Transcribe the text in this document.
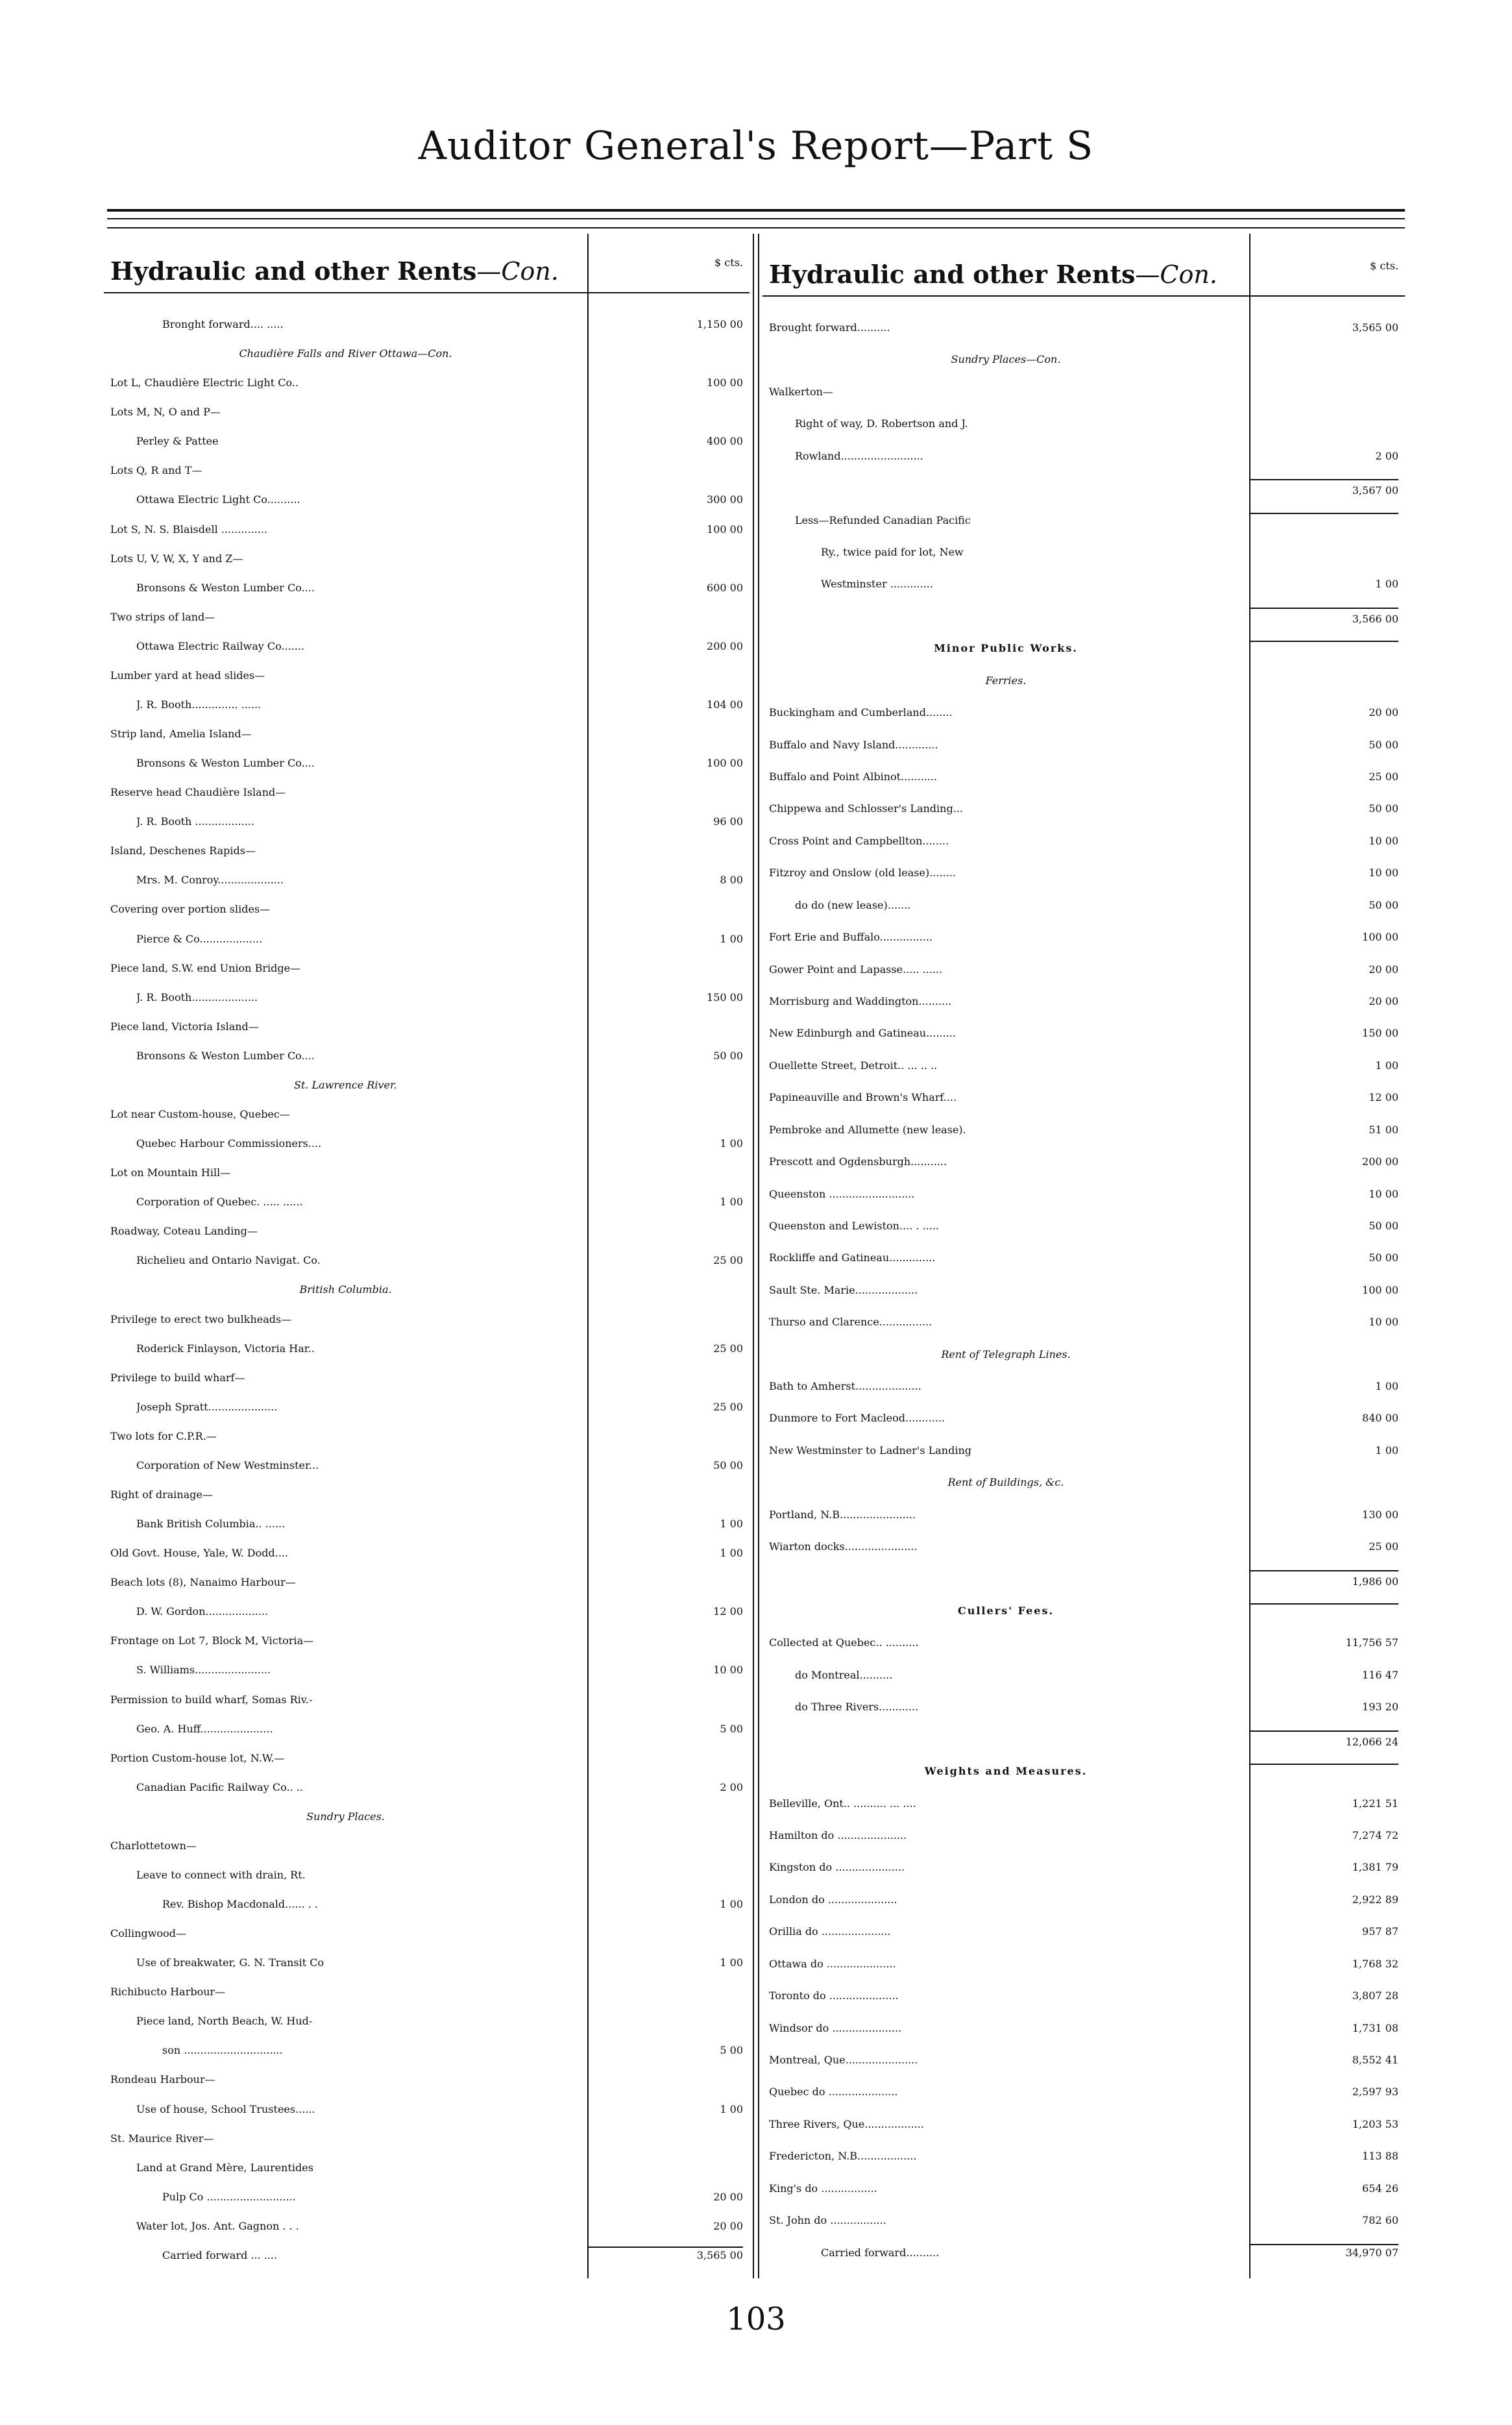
Auditor General's Report—Part S
103
Hydraulic and other Rents—Con.	$ cts.
Bronght forward.... .....	1,150 00
Chaudière Falls and River Ottawa—Con.
Lot L, Chaudière Electric Light Co..	100 00
Lots M, N, O and P—
Perley & Pattee	400 00
Lots Q, R and T—
Ottawa Electric Light Co..........	300 00
Lot S, N. S. Blaisdell ..............	100 00
Lots U, V, W, X, Y and Z—
Bronsons & Weston Lumber Co....	600 00
Two strips of land—
Ottawa Electric Railway Co.......	200 00
Lumber yard at head slides—
J. R. Booth.............. ......	104 00
Strip land, Amelia Island—
Bronsons & Weston Lumber Co....	100 00
Reserve head Chaudière Island—
J. R. Booth ..................	96 00
Island, Deschenes Rapids—
Mrs. M. Conroy....................	8 00
Covering over portion slides—
Pierce & Co...................	1 00
Piece land, S.W. end Union Bridge—
J. R. Booth....................	150 00
Piece land, Victoria Island—
Bronsons & Weston Lumber Co....	50 00
St. Lawrence River.
Lot near Custom-house, Quebec—
Quebec Harbour Commissioners....	1 00
Lot on Mountain Hill—
Corporation of Quebec. ..... ......	1 00
Roadway, Coteau Landing—
Richelieu and Ontario Navigat. Co.	25 00
British Columbia.
Privilege to erect two bulkheads—
Roderick Finlayson, Victoria Har..	25 00
Privilege to build wharf—
Joseph Spratt.....................	25 00
Two lots for C.P.R.—
Corporation of New Westminster...	50 00
Right of drainage—
Bank British Columbia.. ......	1 00
Old Govt. House, Yale, W. Dodd....	1 00
Beach lots (8), Nanaimo Harbour—
D. W. Gordon...................	12 00
Frontage on Lot 7, Block M, Victoria—
S. Williams.......................	10 00
Permission to build wharf, Somas Riv.-
Geo. A. Huff......................	5 00
Portion Custom-house lot, N.W.—
Canadian Pacific Railway Co.. ..	2 00
Sundry Places.
Charlottetown—
Leave to connect with drain, Rt.
Rev. Bishop Macdonald...... . .	1 00
Collingwood—
Use of breakwater, G. N. Transit Co	1 00
Richibucto Harbour—
Piece land, North Beach, W. Hud-
son ..............................	5 00
Rondeau Harbour—
Use of house, School Trustees......	1 00
St. Maurice River—
Land at Grand Mère, Laurentides
Pulp Co ...........................	20 00
Water lot, Jos. Ant. Gagnon . . .	20 00
Carried forward ... ....	3,565 00
Hydraulic and other Rents—Con.	$ cts.
Brought forward..........	3,565 00
Sundry Places—Con.
Walkerton—
Right of way, D. Robertson and J.
Rowland.........................	2 00
3,567 00
Less—Refunded Canadian Pacific
Ry., twice paid for lot, New
Westminster .............	1 00
3,566 00
Minor Public Works.
Ferries.
Buckingham and Cumberland........	20 00
Buffalo and Navy Island.............	50 00
Buffalo and Point Albinot...........	25 00
Chippewa and Schlosser's Landing...	50 00
Cross Point and Campbellton........	10 00
Fitzroy and Onslow (old lease)........	10 00
do do (new lease).......	50 00
Fort Erie and Buffalo................	100 00
Gower Point and Lapasse..... ......	20 00
Morrisburg and Waddington..........	20 00
New Edinburgh and Gatineau.........	150 00
Ouellette Street, Detroit.. ... .. ..	1 00
Papineauville and Brown's Wharf....	12 00
Pembroke and Allumette (new lease).	51 00
Prescott and Ogdensburgh...........	200 00
Queenston ..........................	10 00
Queenston and Lewiston.... . .....	50 00
Rockliffe and Gatineau..............	50 00
Sault Ste. Marie...................	100 00
Thurso and Clarence................	10 00
Rent of Telegraph Lines.
Bath to Amherst....................	1 00
Dunmore to Fort Macleod............	840 00
New Westminster to Ladner's Landing	1 00
Rent of Buildings, &c.
Portland, N.B.......................	130 00
Wiarton docks......................	25 00
1,986 00
Cullers' Fees.
Collected at Quebec.. ..........	11,756 57
do Montreal..........	116 47
do Three Rivers............	193 20
12,066 24
Weights and Measures.
Belleville, Ont.. .......... ... ....	1,221 51
Hamilton do .....................	7,274 72
Kingston do .....................	1,381 79
London do .....................	2,922 89
Orillia do .....................	957 87
Ottawa do .....................	1,768 32
Toronto do .....................	3,807 28
Windsor do .....................	1,731 08
Montreal, Que......................	8,552 41
Quebec do .....................	2,597 93
Three Rivers, Que..................	1,203 53
Fredericton, N.B..................	113 88
King's do .................	654 26
St. John do .................	782 60
Carried forward..........	34,970 07
